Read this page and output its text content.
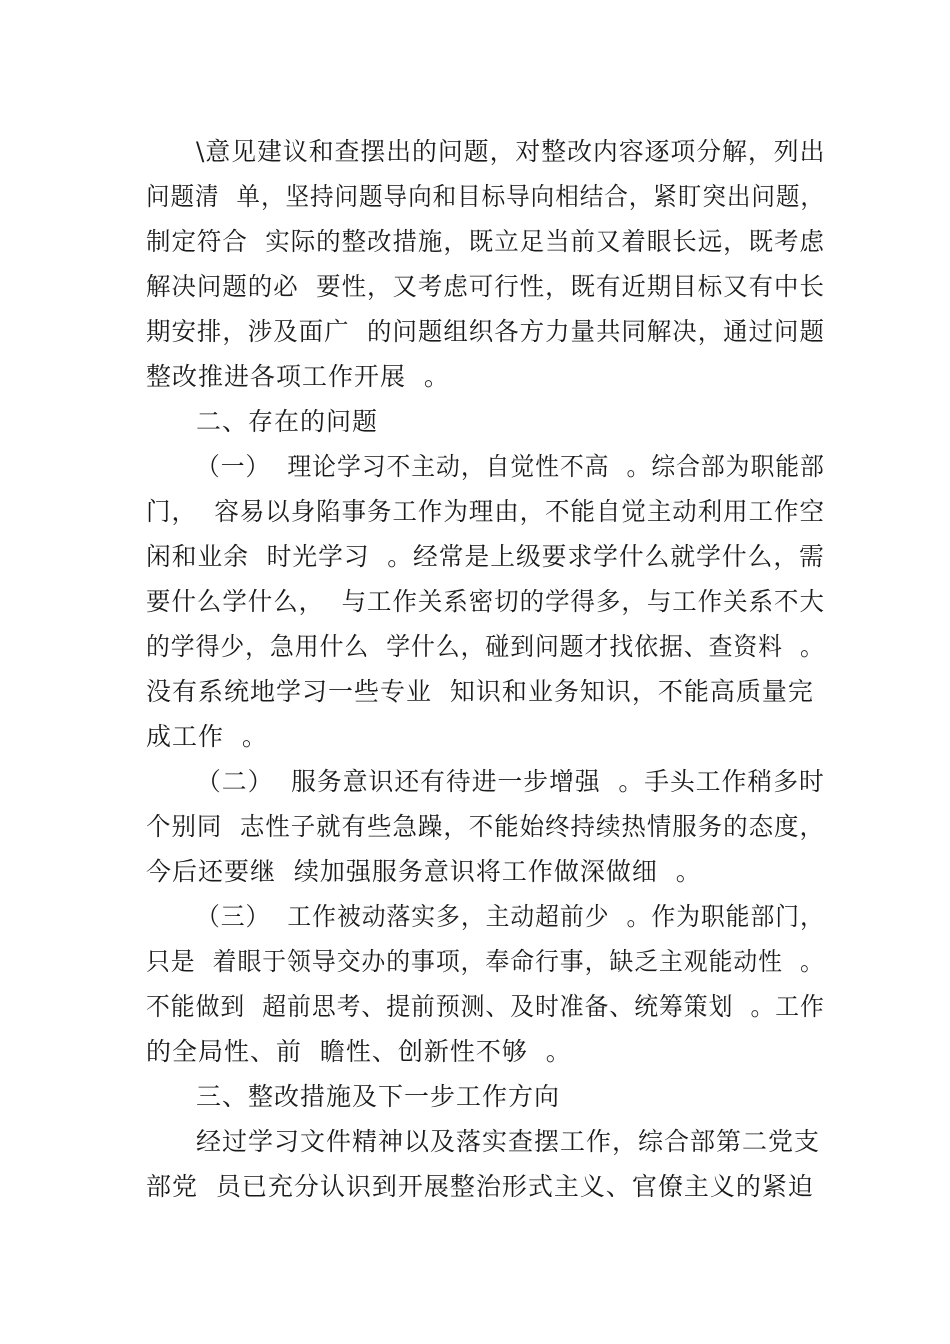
\意见建议和查摆出的问题，对整改内容逐项分解，列出
问题清  单，坚持问题导向和目标导向相结合，紧盯突出问题，
制定符合  实际的整改措施，既立足当前又着眼长远，既考虑
解决问题的必  要性，又考虑可行性，既有近期目标又有中长
期安排，涉及面广  的问题组织各方力量共同解决，通过问题
整改推进各项工作开展  。
二、存在的问题
（一）  理论学习不主动，自觉性不高  。综合部为职能部
门，  容易以身陷事务工作为理由，不能自觉主动利用工作空
闲和业余  时光学习  。经常是上级要求学什么就学什么，需
要什么学什么，  与工作关系密切的学得多，与工作关系不大
的学得少，急用什么  学什么，碰到问题才找依据、查资料  。
没有系统地学习一些专业  知识和业务知识，不能高质量完
成工作  。
（二）  服务意识还有待进一步增强  。手头工作稍多时
个别同  志性子就有些急躁，不能始终持续热情服务的态度，
今后还要继  续加强服务意识将工作做深做细  。
（三）  工作被动落实多，主动超前少  。作为职能部门，
只是  着眼于领导交办的事项，奉命行事，缺乏主观能动性  。
不能做到  超前思考、提前预测、及时准备、统筹策划  。工作
的全局性、前  瞻性、创新性不够  。
三、整改措施及下一步工作方向
经过学习文件精神以及落实查摆工作，综合部第二党支
部党  员已充分认识到开展整治形式主义、官僚主义的紧迫
